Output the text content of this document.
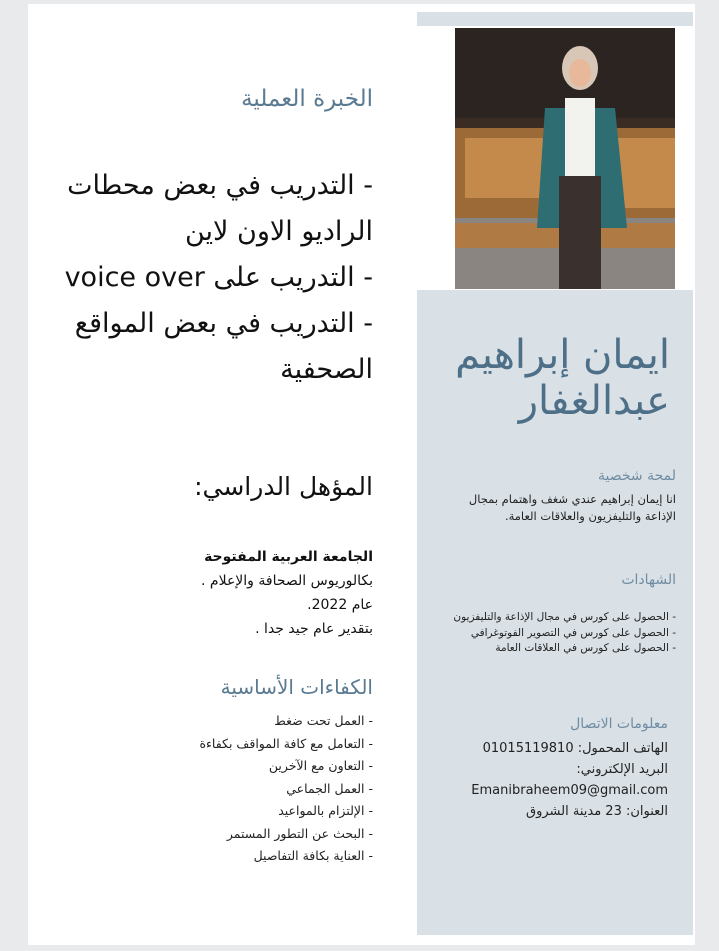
ايمان إبراهيم عبدالغفار
لمحة شخصية
انا إيمان إبراهيم عندي شغف واهتمام بمجال الإذاعة والتليفزيون والعلاقات العامة.
الشهادات
- الحصول على كورس في مجال الإذاعة والتليفزيون
- الحصول على كورس في التصوير الفوتوغرافي
- الحصول على كورس في العلاقات العامة
معلومات الاتصال
الهاتف المحمول: 01015119810
البريد الإلكتروني:
Emanibraheem09@gmail.com
العنوان: 23 مدينة الشروق
الخبرة العملية
- التدريب في بعض محطات الراديو الاون لاين
- التدريب على voice over
- التدريب في بعض المواقع الصحفية
المؤهل الدراسي:
الجامعة العربية المفتوحة
بكالوريوس الصحافة والإعلام .
عام 2022.
بتقدير عام جيد جدا .
الكفاءات الأساسية
- العمل تحت ضغط
- التعامل مع كافة المواقف بكفاءة
- التعاون مع الآخرين
- العمل الجماعي
- الإلتزام بالمواعيد
- البحث عن التطور المستمر
- العناية بكافة التفاصيل
